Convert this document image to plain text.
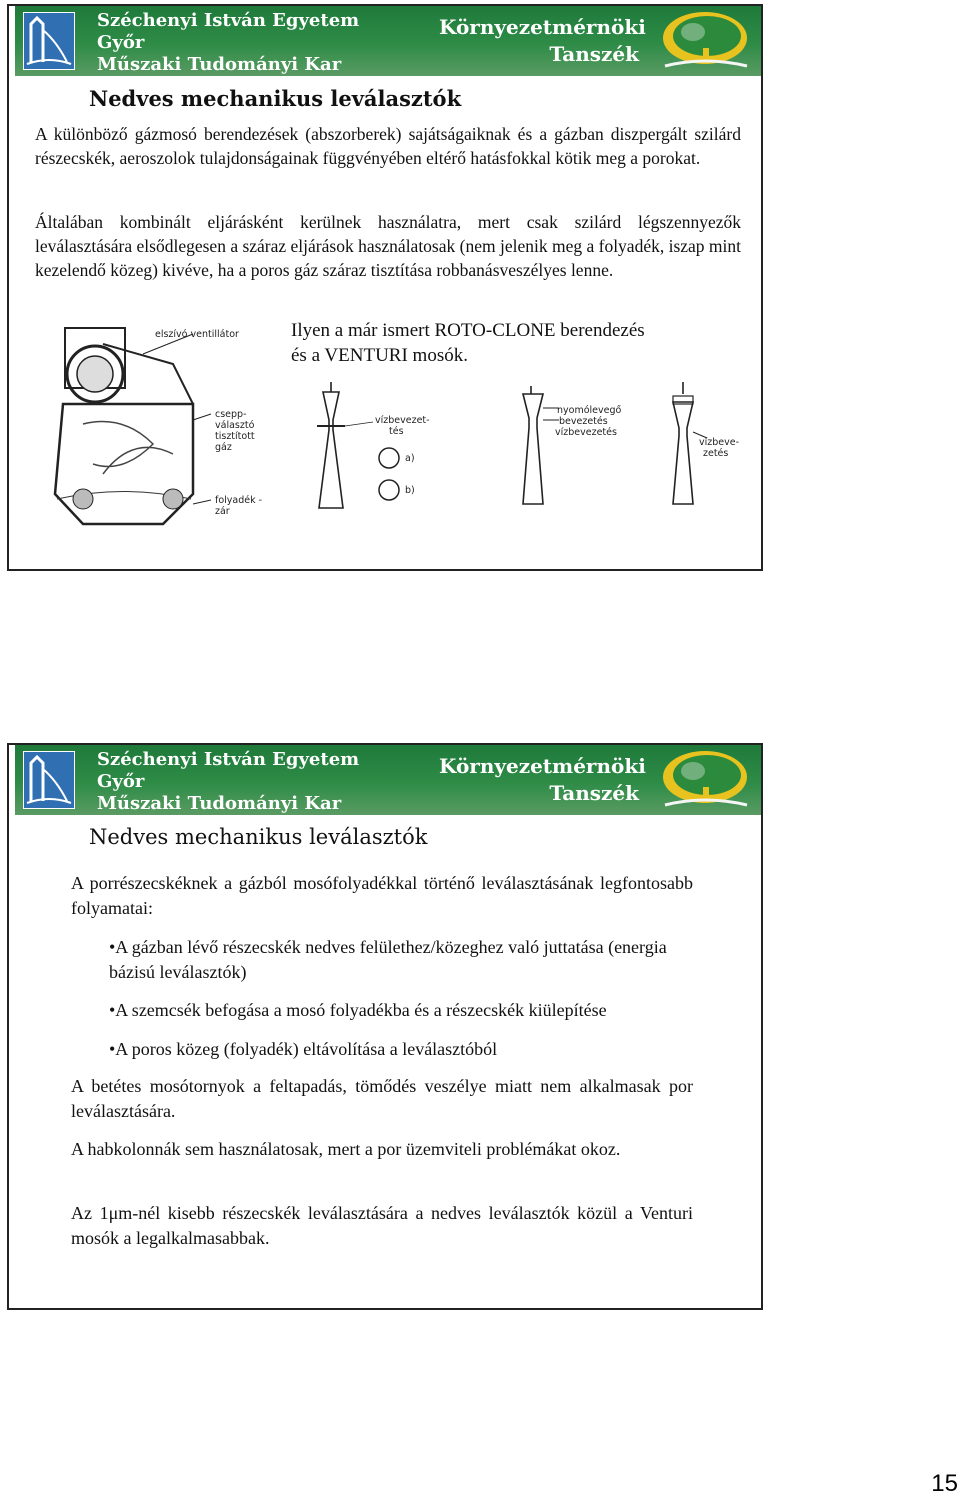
Széchenyi István Egyetem
Győr
Műszaki Tudományi Kar
Környezetmérnöki
Tanszék
Nedves mechanikus leválasztók
A különböző gázmosó berendezések (abszorberek) sajátságaiknak és a gázban diszpergált szilárd részecskék, aeroszolok tulajdonságainak függvényében eltérő hatásfokkal kötik meg a porokat.
Általában kombinált eljárásként kerülnek használatra, mert csak szilárd légszennyezők leválasztására elsődlegesen a száraz eljárások használatosak (nem jelenik meg a folyadék, iszap mint kezelendő közeg) kivéve, ha a poros gáz száraz tisztítása robbanásveszélyes lenne.
Ilyen a már ismert ROTO-CLONE berendezés
és a VENTURI mosók.
elszívó ventillátor
csepp-
választó
tisztított
gáz
folyadék -
zár
vízbevezet-
tés
a)
b)
nyomólevegő
bevezetés
vízbevezetés
vízbeve-
zetés
Széchenyi István Egyetem
Győr
Műszaki Tudományi Kar
Környezetmérnöki
Tanszék
Nedves mechanikus leválasztók
A porrészecskéknek a gázból mosófolyadékkal történő leválasztásának legfontosabb folyamatai:
•A gázban lévő részecskék nedves felülethez/közeghez való juttatása (energia bázisú leválasztók)
•A szemcsék befogása a mosó folyadékba és a részecskék kiülepítése
•A poros közeg (folyadék) eltávolítása a leválasztóból
A betétes mosótornyok a feltapadás, tömődés veszélye miatt nem alkalmasak por leválasztására.
A habkolonnák sem használatosak, mert a por üzemviteli problémákat okoz.
Az 1μm-nél kisebb részecskék leválasztására a nedves leválasztók közül a Venturi mosók a legalkalmasabbak.
15
